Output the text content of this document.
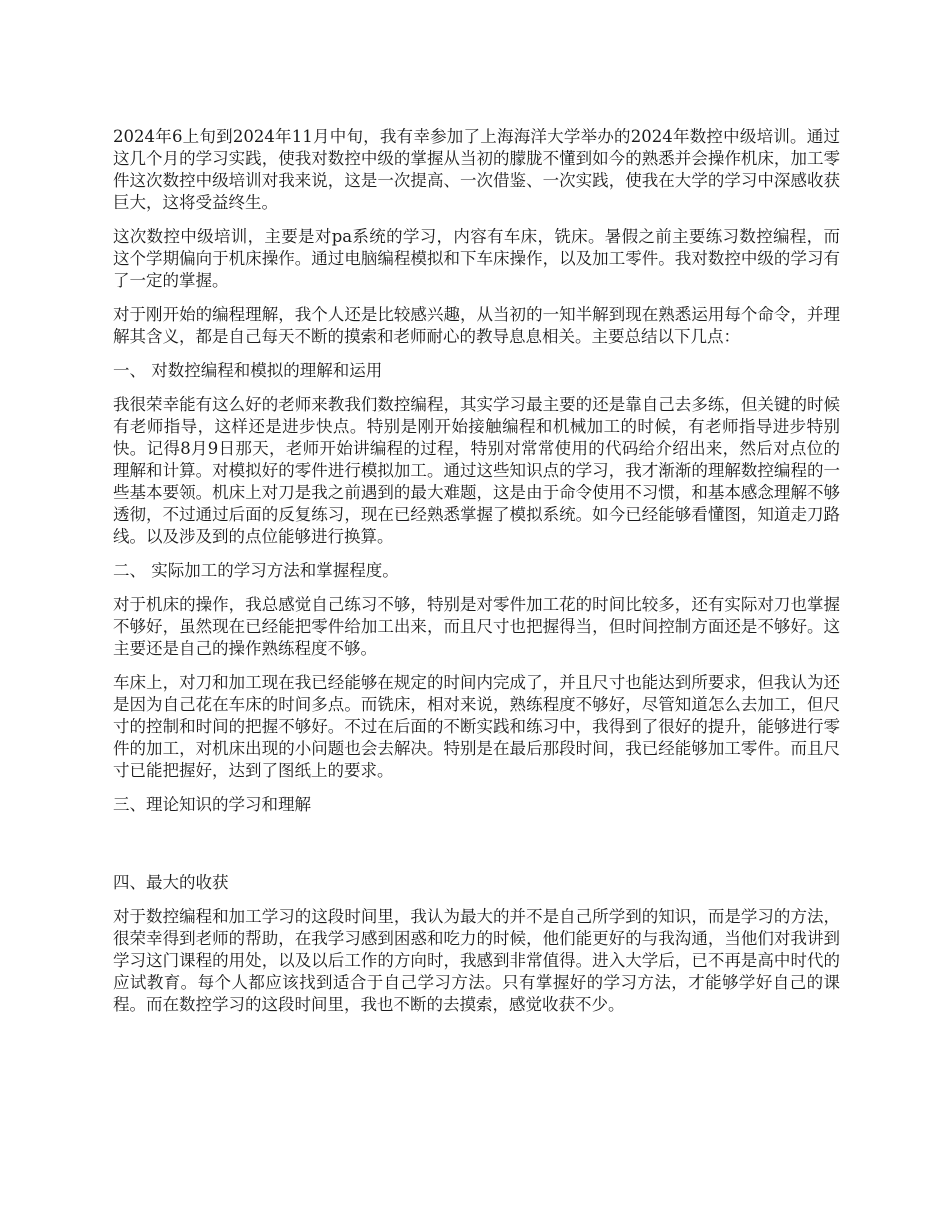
2024年6上旬到2024年11月中旬，我有幸参加了上海海洋大学举办的2024年数控中级培训。通过这几个月的学习实践，使我对数控中级的掌握从当初的朦胧不懂到如今的熟悉并会操作机床，加工零件这次数控中级培训对我来说，这是一次提高、一次借鉴、一次实践，使我在大学的学习中深感收获巨大，这将受益终生。

这次数控中级培训，主要是对pa系统的学习，内容有车床，铣床。暑假之前主要练习数控编程，而这个学期偏向于机床操作。通过电脑编程模拟和下车床操作，以及加工零件。我对数控中级的学习有了一定的掌握。

对于刚开始的编程理解，我个人还是比较感兴趣，从当初的一知半解到现在熟悉运用每个命令，并理解其含义，都是自己每天不断的摸索和老师耐心的教导息息相关。主要总结以下几点：

一、 对数控编程和模拟的理解和运用

我很荣幸能有这么好的老师来教我们数控编程，其实学习最主要的还是靠自己去多练，但关键的时候有老师指导，这样还是进步快点。特别是刚开始接触编程和机械加工的时候，有老师指导进步特别快。记得8月9日那天，老师开始讲编程的过程，特别对常常使用的代码给介绍出来，然后对点位的理解和计算。对模拟好的零件进行模拟加工。通过这些知识点的学习，我才渐渐的理解数控编程的一些基本要领。机床上对刀是我之前遇到的最大难题，这是由于命令使用不习惯，和基本感念理解不够透彻，不过通过后面的反复练习，现在已经熟悉掌握了模拟系统。如今已经能够看懂图，知道走刀路线。以及涉及到的点位能够进行换算。

二、 实际加工的学习方法和掌握程度。

对于机床的操作，我总感觉自己练习不够，特别是对零件加工花的时间比较多，还有实际对刀也掌握不够好，虽然现在已经能把零件给加工出来，而且尺寸也把握得当，但时间控制方面还是不够好。这主要还是自己的操作熟练程度不够。

车床上，对刀和加工现在我已经能够在规定的时间内完成了，并且尺寸也能达到所要求，但我认为还是因为自己花在车床的时间多点。而铣床，相对来说，熟练程度不够好，尽管知道怎么去加工，但尺寸的控制和时间的把握不够好。不过在后面的不断实践和练习中，我得到了很好的提升，能够进行零件的加工，对机床出现的小问题也会去解决。特别是在最后那段时间，我已经能够加工零件。而且尺寸已能把握好，达到了图纸上的要求。

三、理论知识的学习和理解

四、最大的收获

对于数控编程和加工学习的这段时间里，我认为最大的并不是自己所学到的知识，而是学习的方法，很荣幸得到老师的帮助，在我学习感到困惑和吃力的时候，他们能更好的与我沟通，当他们对我讲到学习这门课程的用处，以及以后工作的方向时，我感到非常值得。进入大学后，已不再是高中时代的应试教育。每个人都应该找到适合于自己学习方法。只有掌握好的学习方法，才能够学好自己的课程。而在数控学习的这段时间里，我也不断的去摸索，感觉收获不少。
